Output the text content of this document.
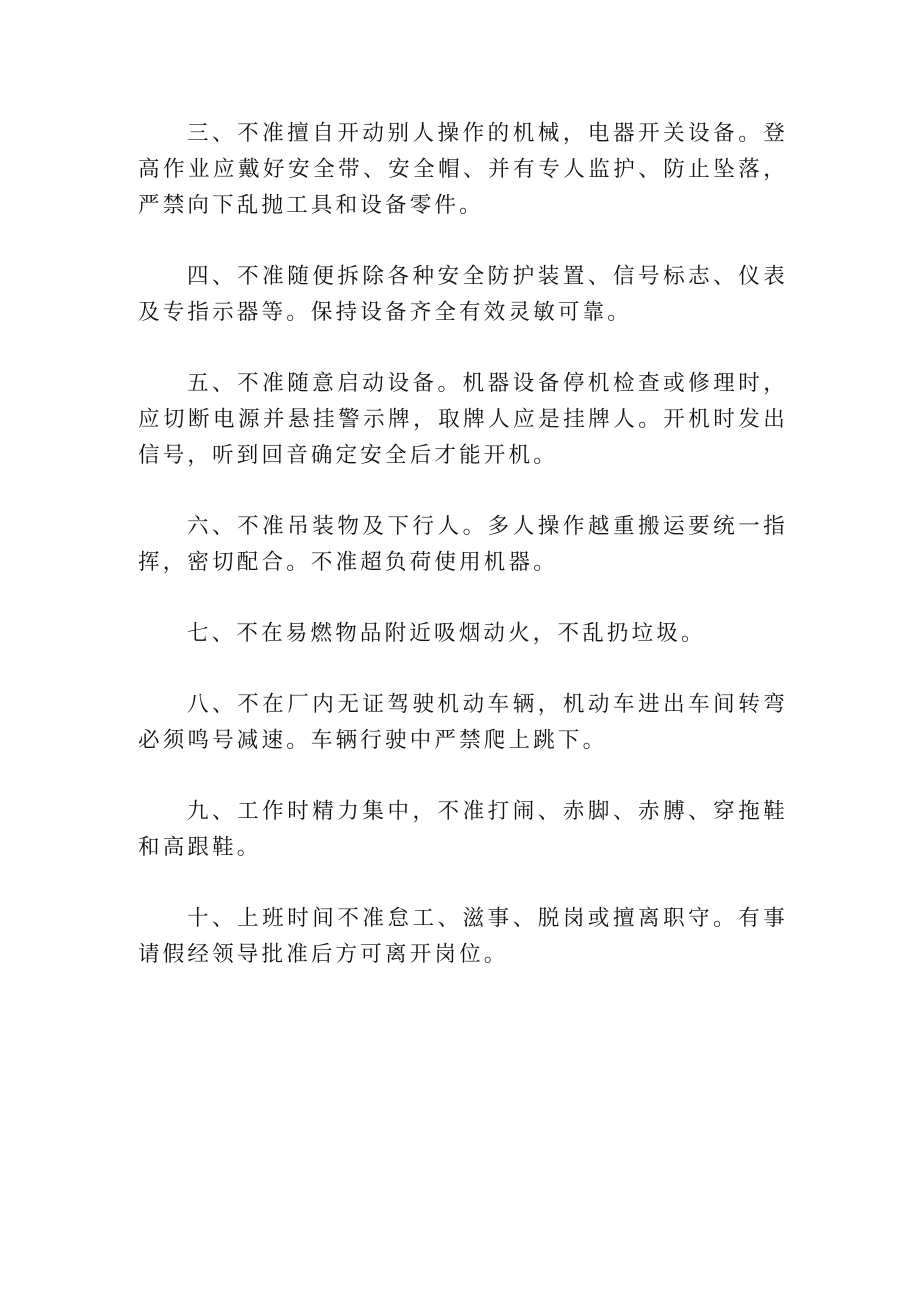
三、不准擅自开动别人操作的机械，电器开关设备。登高作业应戴好安全带、安全帽、并有专人监护、防止坠落，严禁向下乱抛工具和设备零件。

四、不准随便拆除各种安全防护装置、信号标志、仪表及专指示器等。保持设备齐全有效灵敏可靠。

五、不准随意启动设备。机器设备停机检查或修理时，应切断电源并悬挂警示牌，取牌人应是挂牌人。开机时发出信号，听到回音确定安全后才能开机。

六、不准吊装物及下行人。多人操作越重搬运要统一指挥，密切配合。不准超负荷使用机器。

七、不在易燃物品附近吸烟动火，不乱扔垃圾。

八、不在厂内无证驾驶机动车辆，机动车进出车间转弯必须鸣号减速。车辆行驶中严禁爬上跳下。

九、工作时精力集中，不准打闹、赤脚、赤膊、穿拖鞋和高跟鞋。

十、上班时间不准怠工、滋事、脱岗或擅离职守。有事请假经领导批准后方可离开岗位。
